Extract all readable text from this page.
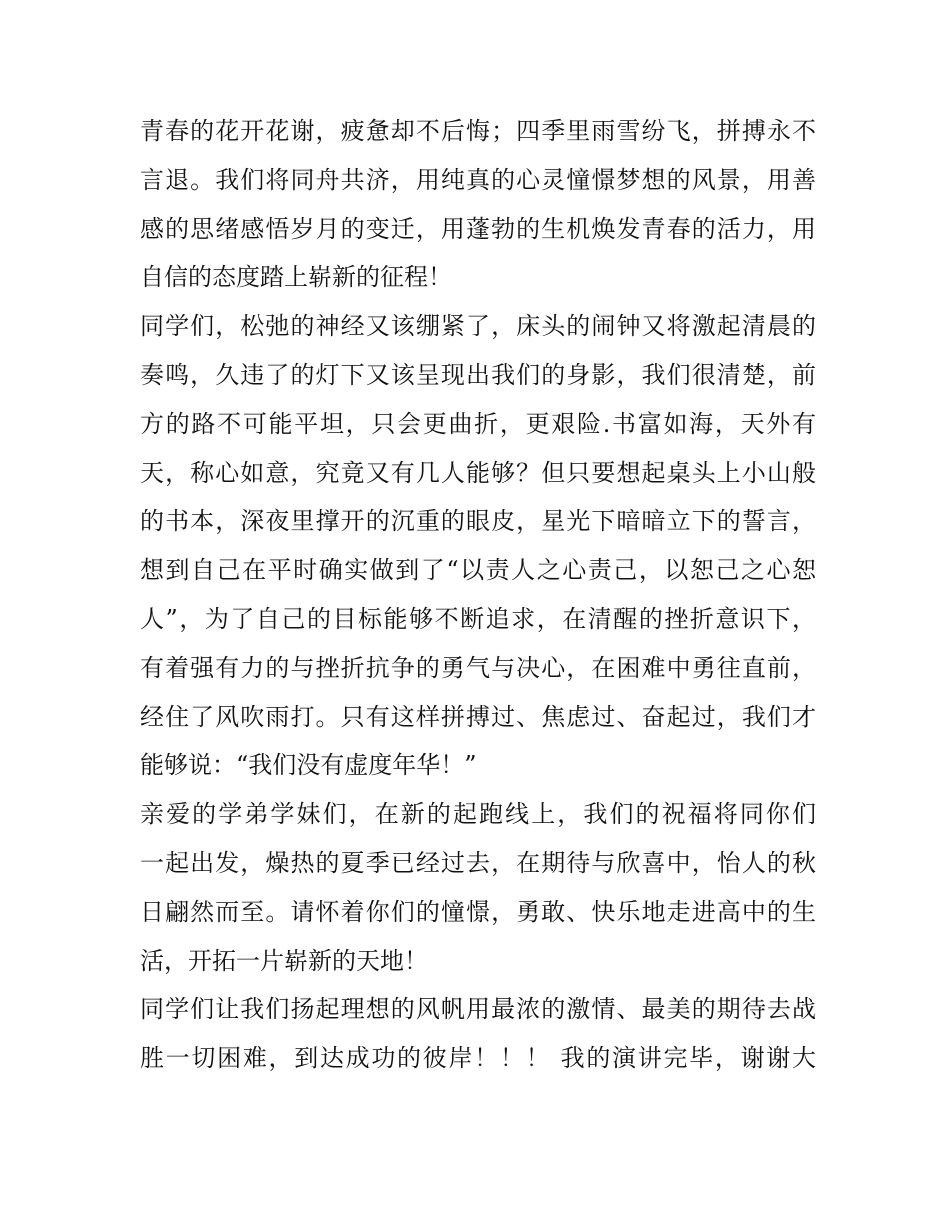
青春的花开花谢，疲惫却不后悔；四季里雨雪纷飞，拼搏永不
言退。我们将同舟共济，用纯真的心灵憧憬梦想的风景，用善
感的思绪感悟岁月的变迁，用蓬勃的生机焕发青春的活力，用
自信的态度踏上崭新的征程！
同学们，松弛的神经又该绷紧了，床头的闹钟又将激起清晨的
奏鸣，久违了的灯下又该呈现出我们的身影，我们很清楚，前
方的路不可能平坦，只会更曲折，更艰险.书富如海，天外有
天，称心如意，究竟又有几人能够？但只要想起桌头上小山般
的书本，深夜里撑开的沉重的眼皮，星光下暗暗立下的誓言，
想到自己在平时确实做到了“以责人之心责己，以恕己之心恕
人”，为了自己的目标能够不断追求，在清醒的挫折意识下，
有着强有力的与挫折抗争的勇气与决心，在困难中勇往直前，
经住了风吹雨打。只有这样拼搏过、焦虑过、奋起过，我们才
能够说：“我们没有虚度年华！”
亲爱的学弟学妹们，在新的起跑线上，我们的祝福将同你们
一起出发，燥热的夏季已经过去，在期待与欣喜中，怡人的秋
日翩然而至。请怀着你们的憧憬，勇敢、快乐地走进高中的生
活，开拓一片崭新的天地！
同学们让我们扬起理想的风帆用最浓的激情、最美的期待去战
胜一切困难，到达成功的彼岸！！！ 我的演讲完毕，谢谢大
